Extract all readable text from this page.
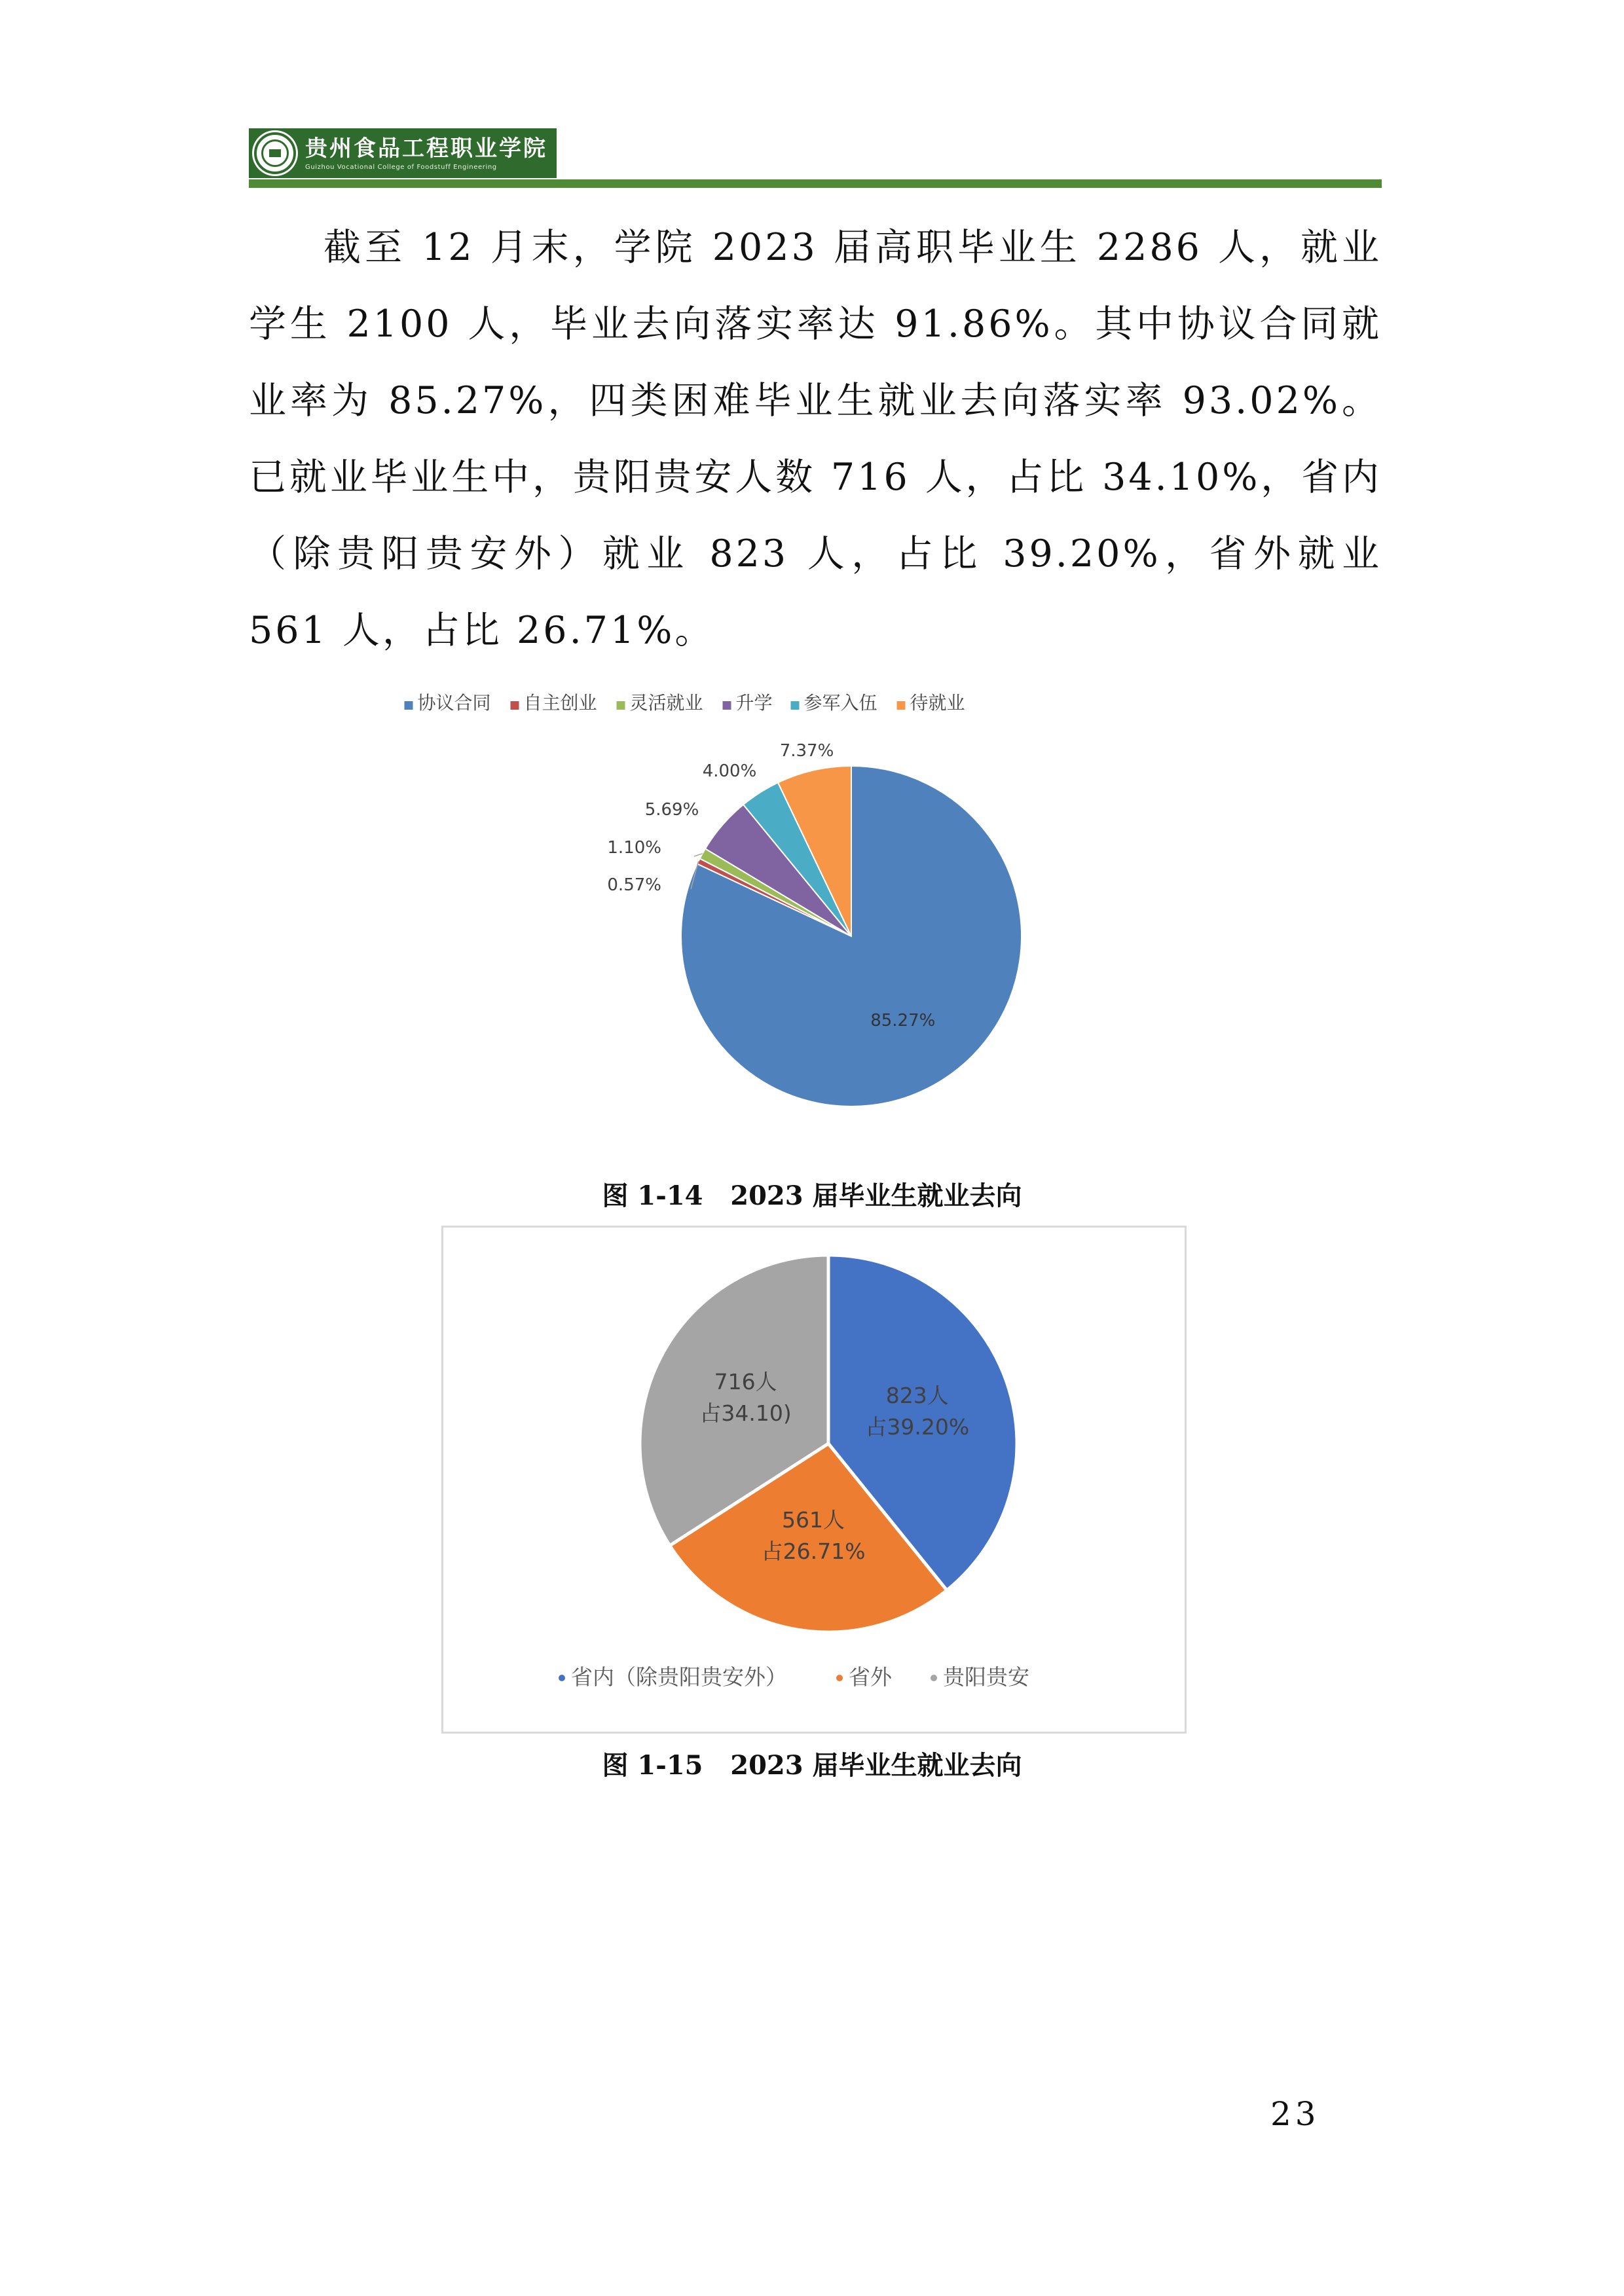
贵州食品工程职业学院
Guizhou Vocational College of Foodstuff Engineering

截至 12 月末，学院 2023 届高职毕业生 2286 人，就业学生 2100 人，毕业去向落实率达 91.86%。其中协议合同就业率为 85.27%，四类困难毕业生就业去向落实率 93.02%。已就业毕业生中，贵阳贵安人数 716 人，占比 34.10%，省内（除贵阳贵安外）就业 823 人，占比 39.20%，省外就业 561 人，占比 26.71%。

协议合同 自主创业 灵活就业 升学 参军入伍 待就业
85.27%
0.57%
1.10%
5.69%
4.00%
7.37%
图 1-14   2023 届毕业生就业去向
823人
占39.20%
561人
占26.71%
716人
占34.10)
省内（除贵阳贵安外）	省外 贵阳贵安
图 1-15   2023 届毕业生就业去向
23
